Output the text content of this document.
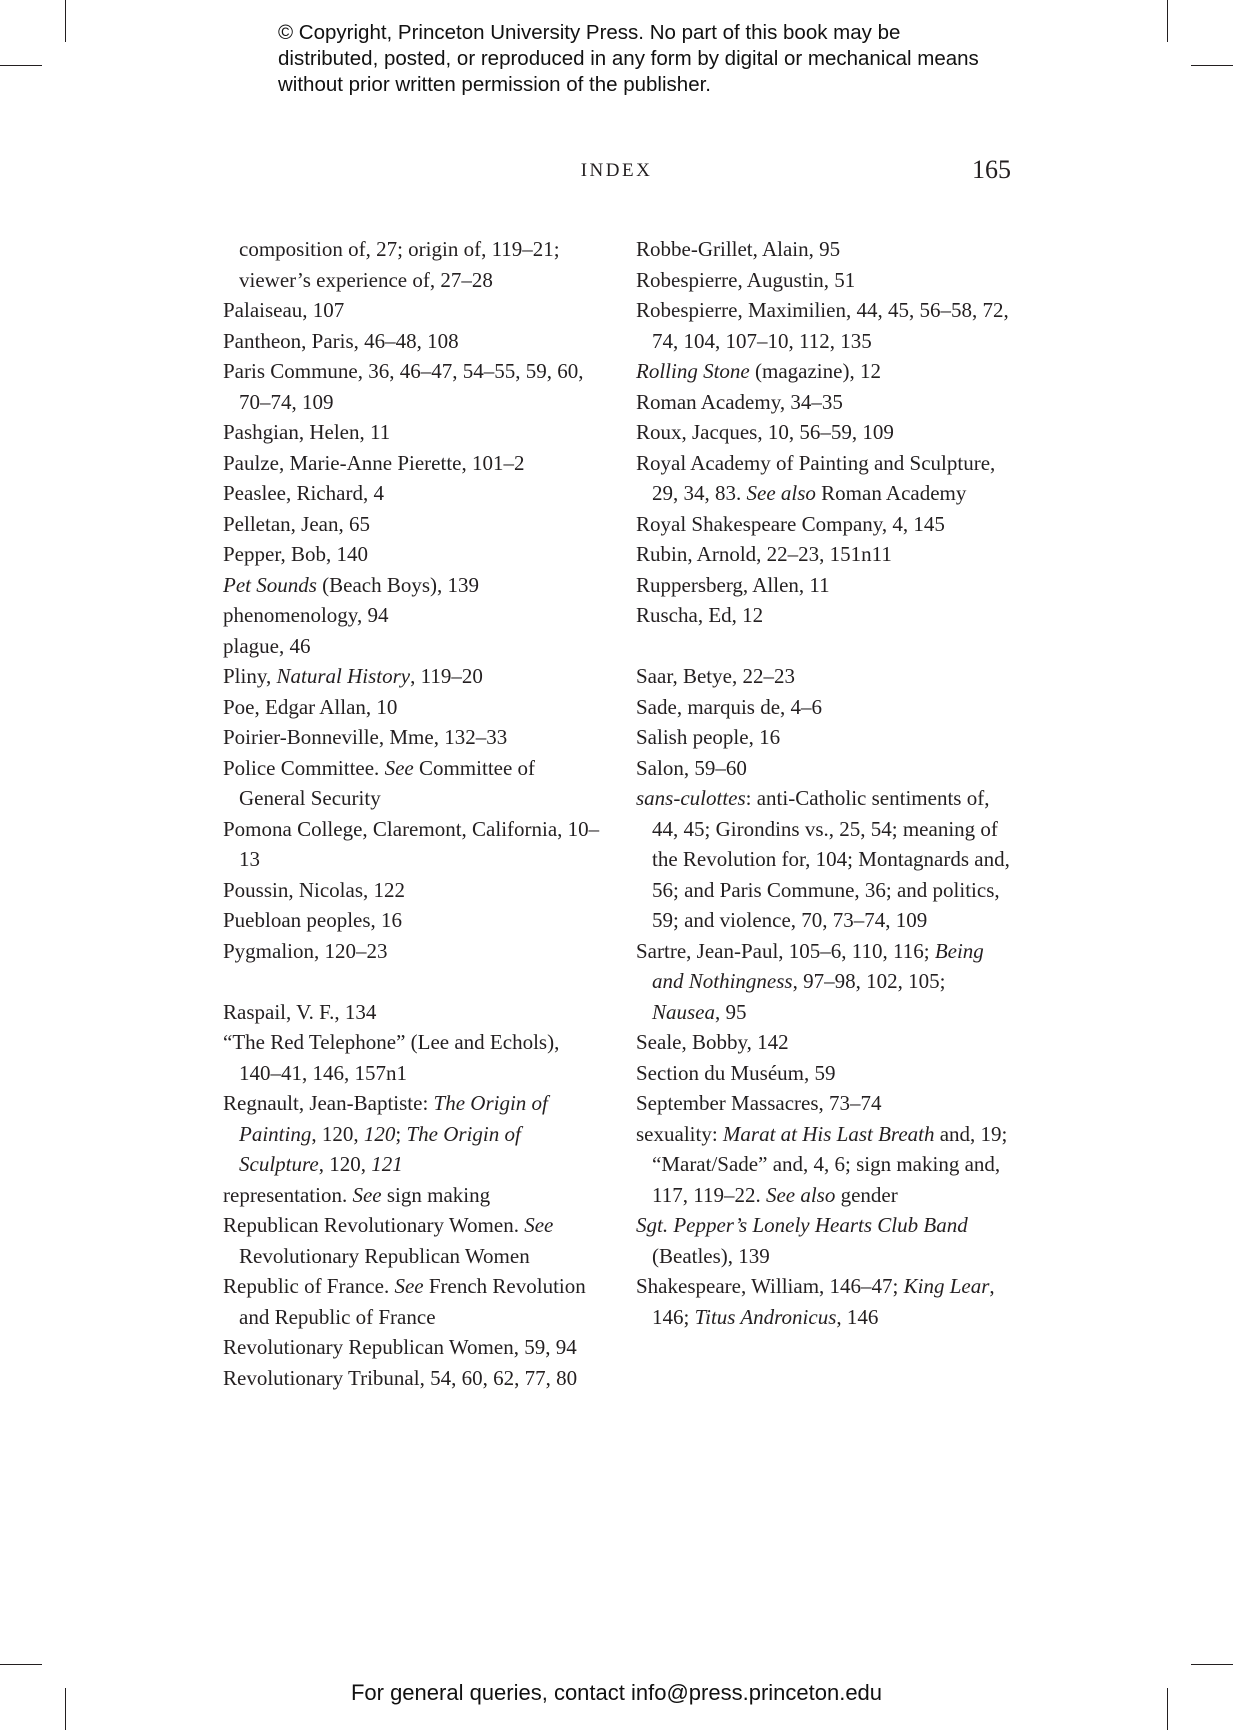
© Copyright, Princeton University Press. No part of this book may be distributed, posted, or reproduced in any form by digital or mechanical means without prior written permission of the publisher.
INDEX	165
composition of, 27; origin of, 119–21; viewer’s experience of, 27–28
Palaiseau, 107
Pantheon, Paris, 46–48, 108
Paris Commune, 36, 46–47, 54–55, 59, 60, 70–74, 109
Pashgian, Helen, 11
Paulze, Marie-Anne Pierette, 101–2
Peaslee, Richard, 4
Pelletan, Jean, 65
Pepper, Bob, 140
Pet Sounds (Beach Boys), 139
phenomenology, 94
plague, 46
Pliny, Natural History, 119–20
Poe, Edgar Allan, 10
Poirier-Bonneville, Mme, 132–33
Police Committee. See Committee of General Security
Pomona College, Claremont, California, 10–13
Poussin, Nicolas, 122
Puebloan peoples, 16
Pygmalion, 120–23
Raspail, V. F., 134
“The Red Telephone” (Lee and Echols), 140–41, 146, 157n1
Regnault, Jean-Baptiste: The Origin of Painting, 120, 120; The Origin of Sculpture, 120, 121
representation. See sign making
Republican Revolutionary Women. See Revolutionary Republican Women
Republic of France. See French Revolution and Republic of France
Revolutionary Republican Women, 59, 94
Revolutionary Tribunal, 54, 60, 62, 77, 80
Robbe-Grillet, Alain, 95
Robespierre, Augustin, 51
Robespierre, Maximilien, 44, 45, 56–58, 72, 74, 104, 107–10, 112, 135
Rolling Stone (magazine), 12
Roman Academy, 34–35
Roux, Jacques, 10, 56–59, 109
Royal Academy of Painting and Sculpture, 29, 34, 83. See also Roman Academy
Royal Shakespeare Company, 4, 145
Rubin, Arnold, 22–23, 151n11
Ruppersberg, Allen, 11
Ruscha, Ed, 12
Saar, Betye, 22–23
Sade, marquis de, 4–6
Salish people, 16
Salon, 59–60
sans-culottes: anti-Catholic sentiments of, 44, 45; Girondins vs., 25, 54; meaning of the Revolution for, 104; Montagnards and, 56; and Paris Commune, 36; and politics, 59; and violence, 70, 73–74, 109
Sartre, Jean-Paul, 105–6, 110, 116; Being and Nothingness, 97–98, 102, 105; Nausea, 95
Seale, Bobby, 142
Section du Muséum, 59
September Massacres, 73–74
sexuality: Marat at His Last Breath and, 19; “Marat/Sade” and, 4, 6; sign making and, 117, 119–22. See also gender
Sgt. Pepper’s Lonely Hearts Club Band (Beatles), 139
Shakespeare, William, 146–47; King Lear, 146; Titus Andronicus, 146
For general queries, contact info@press.princeton.edu
